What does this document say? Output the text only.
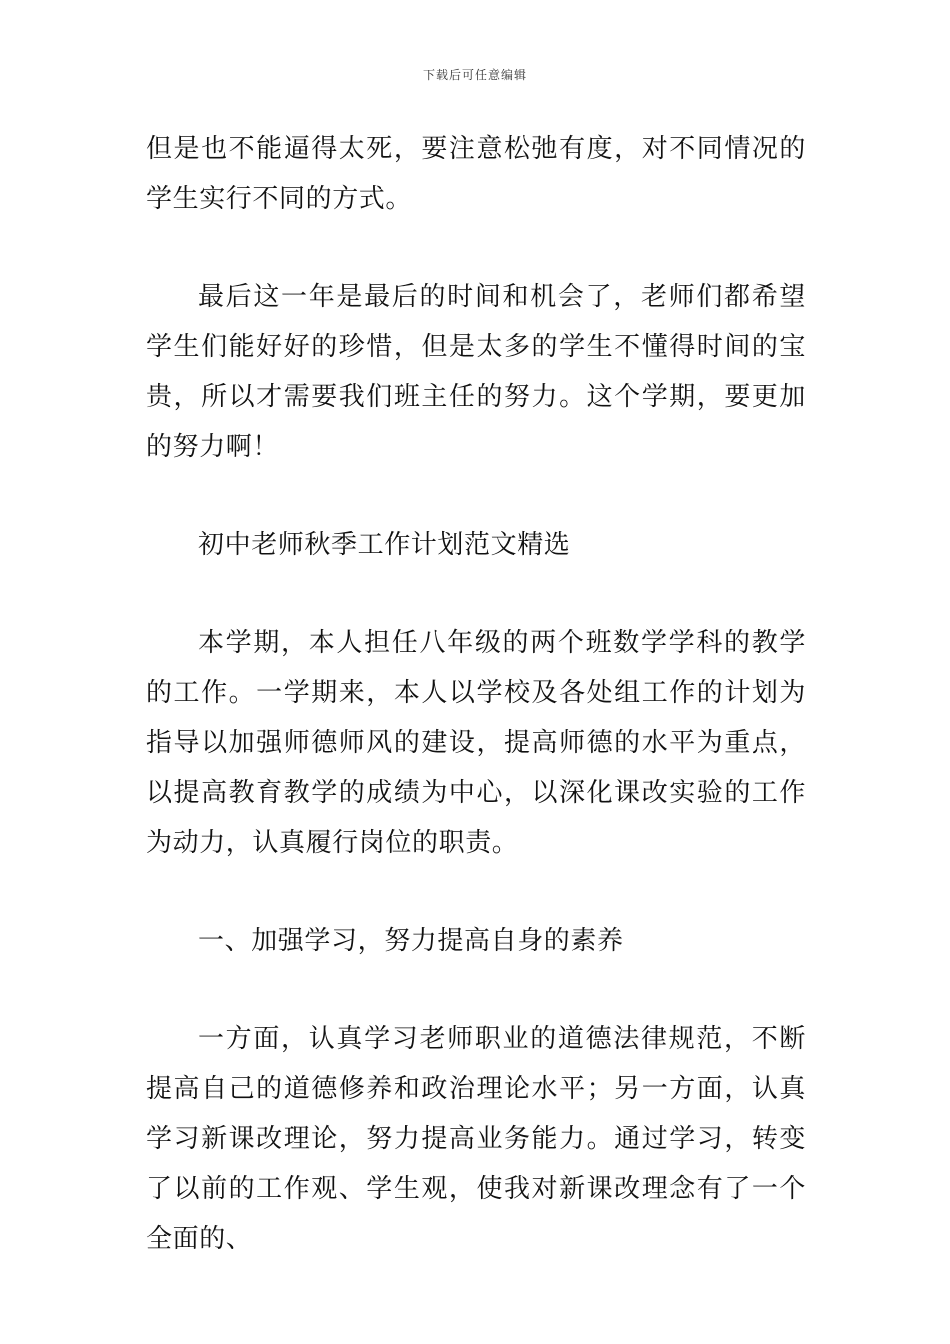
下载后可任意编辑

但是也不能逼得太死，要注意松弛有度，对不同情况的学生实行不同的方式。

最后这一年是最后的时间和机会了，老师们都希望学生们能好好的珍惜，但是太多的学生不懂得时间的宝贵，所以才需要我们班主任的努力。这个学期，要更加的努力啊！

初中老师秋季工作计划范文精选

本学期，本人担任八年级的两个班数学学科的教学的工作。一学期来，本人以学校及各处组工作的计划为指导以加强师德师风的建设，提高师德的水平为重点，以提高教育教学的成绩为中心，以深化课改实验的工作为动力，认真履行岗位的职责。

一、加强学习，努力提高自身的素养

一方面，认真学习老师职业的道德法律规范，不断提高自己的道德修养和政治理论水平；另一方面，认真学习新课改理论，努力提高业务能力。通过学习，转变了以前的工作观、学生观，使我对新课改理念有了一个全面的、
